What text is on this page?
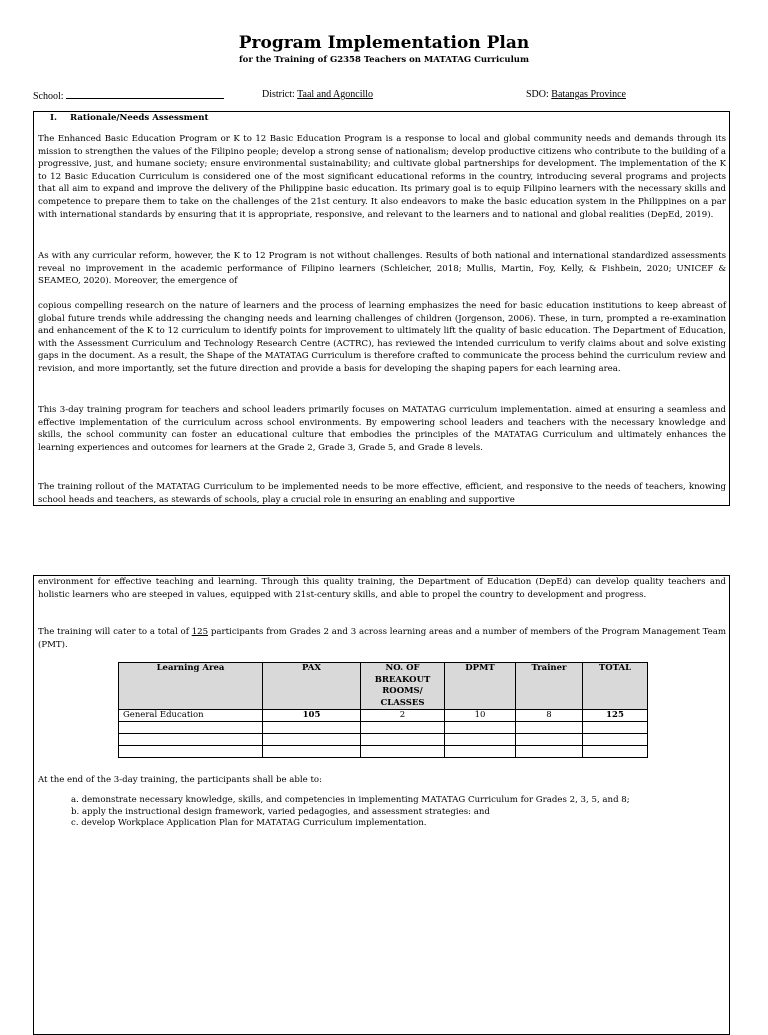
Program Implementation Plan
for the Training of G2358 Teachers on MATATAG Curriculum
School:	District: Taal and Agoncillo	SDO: Batangas Province
I. Rationale/Needs Assessment

The Enhanced Basic Education Program or K to 12 Basic Education Program is a response to local and global community needs and demands through its mission to strengthen the values of the Filipino people; develop a strong sense of nationalism; develop productive citizens who contribute to the building of a progressive, just, and humane society; ensure environmental sustainability; and cultivate global partnerships for development. The implementation of the K to 12 Basic Education Curriculum is considered one of the most significant educational reforms in the country, introducing several programs and projects that all aim to expand and improve the delivery of the Philippine basic education. Its primary goal is to equip Filipino learners with the necessary skills and competence to prepare them to take on the challenges of the 21st century. It also endeavors to make the basic education system in the Philippines on a par with international standards by ensuring that it is appropriate, responsive, and relevant to the learners and to national and global realities (DepEd, 2019).

As with any curricular reform, however, the K to 12 Program is not without challenges. Results of both national and international standardized assessments reveal no improvement in the academic performance of Filipino learners (Schleicher, 2018; Mullis, Martin, Foy, Kelly, & Fishbein, 2020; UNICEF & SEAMEO, 2020). Moreover, the emergence of

copious compelling research on the nature of learners and the process of learning emphasizes the need for basic education institutions to keep abreast of global future trends while addressing the changing needs and learning challenges of children (Jorgenson, 2006). These, in turn, prompted a re-examination and enhancement of the K to 12 curriculum to identify points for improvement to ultimately lift the quality of basic education. The Department of Education, with the Assessment Curriculum and Technology Research Centre (ACTRC), has reviewed the intended curriculum to verify claims about and solve existing gaps in the document. As a result, the Shape of the MATATAG Curriculum is therefore crafted to communicate the process behind the curriculum review and revision, and more importantly, set the future direction and provide a basis for developing the shaping papers for each learning area.

This 3-day training program for teachers and school leaders primarily focuses on MATATAG curriculum implementation. aimed at ensuring a seamless and effective implementation of the curriculum across school environments. By empowering school leaders and teachers with the necessary knowledge and skills, the school community can foster an educational culture that embodies the principles of the MATATAG Curriculum and ultimately enhances the learning experiences and outcomes for learners at the Grade 2, Grade 3, Grade 5, and Grade 8 levels.

The training rollout of the MATATAG Curriculum to be implemented needs to be more effective, efficient, and responsive to the needs of teachers, knowing school heads and teachers, as stewards of schools, play a crucial role in ensuring an enabling and supportive

environment for effective teaching and learning. Through this quality training, the Department of Education (DepEd) can develop quality teachers and holistic learners who are steeped in values, equipped with 21st-century skills, and able to propel the country to development and progress.

The training will cater to a total of 125 participants from Grades 2 and 3 across learning areas and a number of members of the Program Management Team (PMT).

Learning Area	PAX	NO. OF BREAKOUT ROOMS/ CLASSES	DPMT	Trainer	TOTAL
General Education	105	2	10	8	125

At the end of the 3-day training, the participants shall be able to:

a. demonstrate necessary knowledge, skills, and competencies in implementing MATATAG Curriculum for Grades 2, 3, 5, and 8;
b. apply the instructional design framework, varied pedagogies, and assessment strategies: and
c. develop Workplace Application Plan for MATATAG Curriculum implementation.
